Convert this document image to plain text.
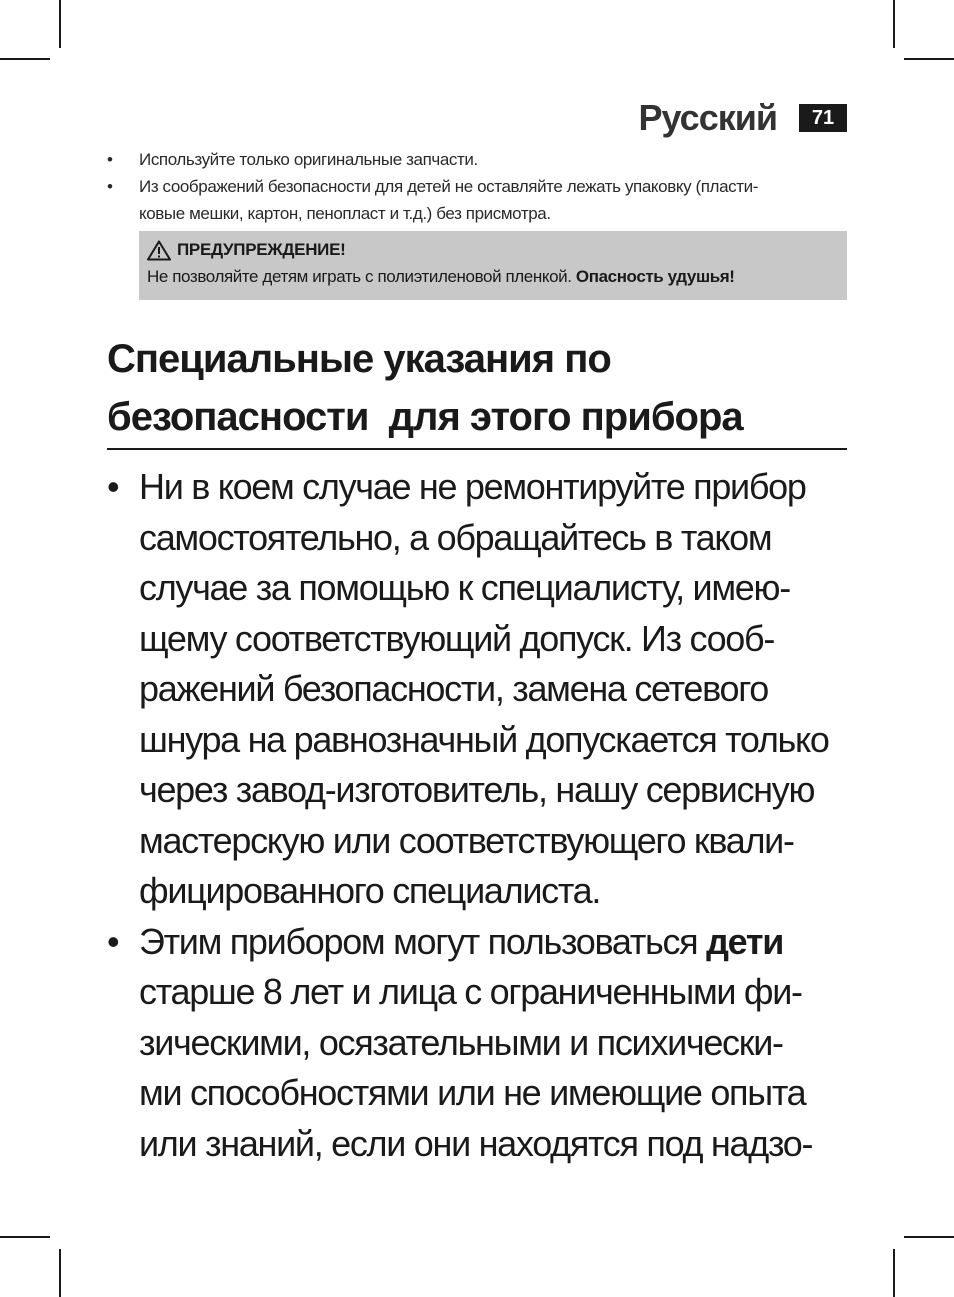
Русский	71
• Используйте только оригинальные запчасти.
• Из соображений безопасности для детей не оставляйте лежать упаковку (пласти-
ковые мешки, картон, пенопласт и т.д.) без присмотра.
ПРЕДУПРЕЖДЕНИЕ!
Не позволяйте детям играть с полиэтиленовой пленкой. Опасность удушья!
Специальные указания по
безопасности  для этого прибора
• Ни в коем случае не ремонтируйте прибор
самостоятельно, а обращайтесь в таком
случае за помощью к специалисту, имею-
щему соответствующий допуск. Из сооб-
ражений безопасности, замена сетевого
шнура на равнозначный допускается только
через завод-изготовитель, нашу сервисную
мастерскую или соответствующего квали-
фицированного специалиста.
• Этим прибором могут пользоваться дети
старше 8 лет и лица с ограниченными фи-
зическими, осязательными и психически-
ми способностями или не имеющие опыта
или знаний, если они находятся под надзо-
